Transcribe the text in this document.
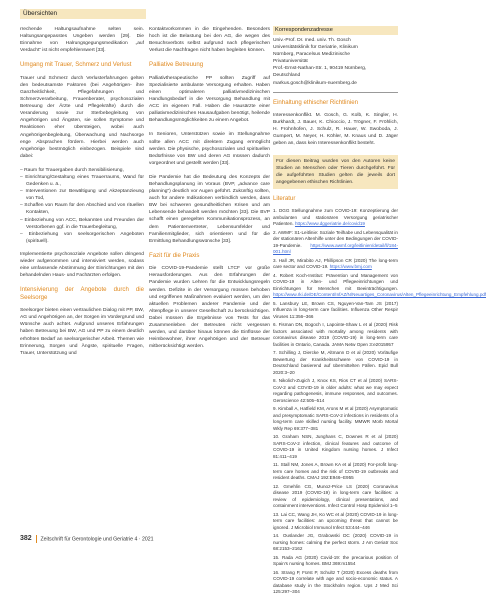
Übersichten

rrechende Haltungsaufnahme selten sein. Haltungsangepasstes Ungeben werden [29]. Die Einnahme von Halrungsgegungsmedikation „auf Verdacht“ ist nicht empfehlenswert [33].

Umgang mit Trauer, Schmerz und Verlust

Trauer und Schmerz durch Verlusterfahrungen gelten den bedeutsamste Faktoren (bei Angehörigen- ihre Ganzheitlichkeit, Pflegefahrungen und Schmerzverarbeitung, Frauenberater, psychosozialen Betreuung der Ärzte und Pflegekräfte) durch die Veranderung sowie zur Sterbebegleitung von Angehörigen und Ängsten, sie sollen Symptome und Reaktionen eher übersteigen, wobei auch Angehörigenbegleitung, Überwachung und Nachsorge enge Absprachen fördern. Hierbei werden auch Angehörige bestmöglich einbezogen. Beispiele sind dabei:

– Raum für Trauergaben durch Sensibilisierung,
– Einrichtung/Gestaltung eines Trauerraums, Wand für Gedenken u. ä.,
– Interventionen zur Bewältigung und Akzeptanzieung von Tod,
– Schaffen von Raum für den Abschied und von rituellen Kontakten,
– Einbeziehung von ACC, Bekannten und Freunden der Verstorbenen ggf. in die Trauerbegleitung,
– Einbeziehung von seelsorgerischen Angeboten (spirituell).

Implementierte psychosoziale Angebote sollen dringend wieder aufgenommen und intensiviert werden, sodass eine umfassende Abstimmung der Einrichtungen mit den behandelnden Haus- und Fachärzten erfolgen.

Intensivierung der Angebote durch die Seelsorge

Seelsorger bieten einen vertraulichen Dialog mit PP, BW, AG und Angehörigen an, der Sorgen im Vordergrund und Wünsche auch achtet. Aufgrund unseres Erfahrungen haben Betreuung bei BW, AG und PP zu einem deutlich erhöhten Bedarf an seelsorgerischer Arbeit. Themen wie Erinnerung, Sorgen und Ängste, spirituelle Fragen, Trauer, Unterstützung und

Kontaktvorkommen in die Eingehenden. Besonders hoch ist die Belastung bei den AG, die wegen des Besuchsverbots selbst aufgrund nach pflegerischen Verlust die Nachfragen nicht haben begleiten können.

Palliative Betreuung

Palliativtherapeutische PP sollten Zugriff auf Spezialisierte ambulante Versorgung erhalten. Haben einen optimaleren palliativmedizinischen Handlungsbedarf in die Versorgung Behandlung mit ACC im eigenen Fall. Haben die Hausärzte einer palliativmedizinischen Hausaufgaben benötigt, heilende Behandlungsmöglichkeiten zu einem Angebot.

In Senioren, Unterstützen sowie im Stellungnahme sollte allen ACC mit direktem Zugang ermöglicht werden. Die physische, psychosozialen und spirituellen Bedürfnisse von BW und deren AG müssen dadurch vorgeordnet und gestellt werden [33].

Die Pandemie hat die Bedeutung des Konzepts der Behandlungsplanung im Voraus (BVP, „advance care planning“) deutlich vor Augen geführt. Zukünftig sollten, auch für andere Indikationen verbindlich werden, dass BW bei schweren gesundheitlichen Krisen und am Lebensende behandelt werden möchten [33]. Die BVP schafft einen geregelten Kommunikationsprozess, an dem Patientenvertreter, Lebensumfelder und Familienmitglieder, sich orientieren und für die Ermittlung Behandlungswünsche [33].

Fazit für die Praxis

Die COVID-19-Pandemie stellt LTCF vor große Herausforderungen. Aus den Erfahrungen der Pandemie wurden Lehren für die Entwicklungsregeln werden. Defizite in der Versorgung müssen behoben und ergriffenen Maßnahmen evaluiert werden, um den aktuellen Problemen anderer Pandemie und der Altenpflege in unserer Gesellschaft zu berücksichtigen. Dabei müssen die Ergebnisse von Tests für das Zusammenleben der Betreuten nicht vergessen werden, und darüber hinaus können die Einflüsse der Heimbewohner, ihrer Angehörigen und der Betreuer mitberücksichtigt werden.

Korrespondenzadresse
Univ.-Prof. Dr. med. univ. Th. Gosch
Universitätsklinik für Geriatrie, Klinikum
Nürnberg, Paracelsus Medizinische
Privatuniversität
Prof.-Ernst-Nathan-Str. 1, 90419 Nürnberg,
Deutschland
markus.gosch@klinikum-nuernberg.de
Einhaltung ethischer Richtlinien

Interessenkonflikt. M. Gosch, G. Kolb, K. Singler, H. Burkhardt, J. Bauer, K. Chioccio, J. Trögner, F. Fröhlich, H. Frohnhofen, J. Schulz, R. Hauer, W. Swoboda, J. Gumpert, M. Neyer, H. Köhler, M. Knaus und D. Jäger geben an, dass kein Interessenkonflikt besteht.

Für diesen Beitrag wurden von den Autoren keine Studien an Menschen oder Tieren durchgeführt. Für die aufgeführten Studien gelten die jeweils dort angegebenen ethischen Richtlinien.
Literatur
1. DGG Stellungnahme zum COVID-19: Konzeptierung der ambulanten und stationären Versorgung geriatrischer Patienten. https://www.dggeriatrie.de/covid19
2. AWMF: S1-Leitlinie: Soziale Teilhabe und Lebensqualität in der stationären Altenhilfe unter den Bedingungen der COVID-19-Pandemie. https://www.awmf.org/leitlinien/detail/ll/184-001.html
3. Hall JR, Mirabito AJ, Phillipson CR (2020) The long-term care sector and COVID-19. https://www.bmj.com
4. Robert Koch-Institut: Prävention und Management von COVID-19 in Alten- und Pflegeeinrichtungen und Einrichtungen für Menschen mit Beeinträchtigungen. https://www.rki.de/DE/Content/InfAZ/N/Neuartiges_Coronavirus/Alten_Pflegeeinrichtung_Empfehlung.pdf
5. Lansbury LE, Brown CS, Nguyen-Van-Tam JS (2017) Influenza in long-term care facilities. Influenza Other Respir Viruses 11:356–366
6. Fisman DN, Bogoch I, Lapointe-Shaw L et al (2020) Risk factors associated with mortality among residents with coronavirus disease 2019 (COVID-19) in long-term care facilities in Ontario, Canada. JAMA Netw Open 3:e2015957
7. Schilling J, Diercke M, Altmann D et al (2020) Vorläufige Bewertung der Krankheitsschwere von COVID-19 in Deutschland basierend auf übermittelten Fällen. Epid Bull 2020:3–20
8. Nikolich-Zugich J, Knox KS, Rios CT et al (2020) SARS-CoV-2 and COVID-19 in older adults: what we may expect regarding pathogenesis, immune responses, and outcomes. Geroscience 42:505–514
9. Kimball A, Hatfield KM, Arons M et al (2020) Asymptomatic and presymptomatic SARS-CoV-2 infections in residents of a long-term care skilled nursing facility. MMWR Morb Mortal Wkly Rep 69:377–381
10. Graham NSN, Junghans C, Downes R et al (2020) SARS-CoV-2 infection, clinical features and outcome of COVID-19 in United Kingdom nursing homes. J Infect 81:411–419
11. Stall NM, Jones A, Brown KA et al (2020) For-profit long-term care homes and the risk of COVID-19 outbreaks and resident deaths. CMAJ 192:E946–E955
12. Gmehlin CG, Munoz-Price LS (2020) Coronavirus disease 2019 (COVID-19) in long-term care facilities: a review of epidemiology, clinical presentations, and containment interventions. Infect Control Hosp Epidemiol 1–5
13. Lai CC, Wang JH, Ko WC et al (2020) COVID-19 in long-term care facilities: an upcoming threat that cannot be ignored. J Microbiol Immunol Infect 53:444–446
14. Ouslander JG, Grabowski DC (2020) COVID-19 in nursing homes: calming the perfect storm. J Am Geriatr Soc 68:2153–2162
15. Rada AG (2020) Covid-19: the precarious position of Spain’s nursing homes. BMJ 369:m1554
16. Strang P, Fürst P, Schultz T (2020) Excess deaths from COVID-19 correlate with age and socio-economic status. A database study in the Stockholm region. Ups J Med Sci 125:297–304
382 Zeitschrift für Gerontologie und Geriatrie 4 · 2021
